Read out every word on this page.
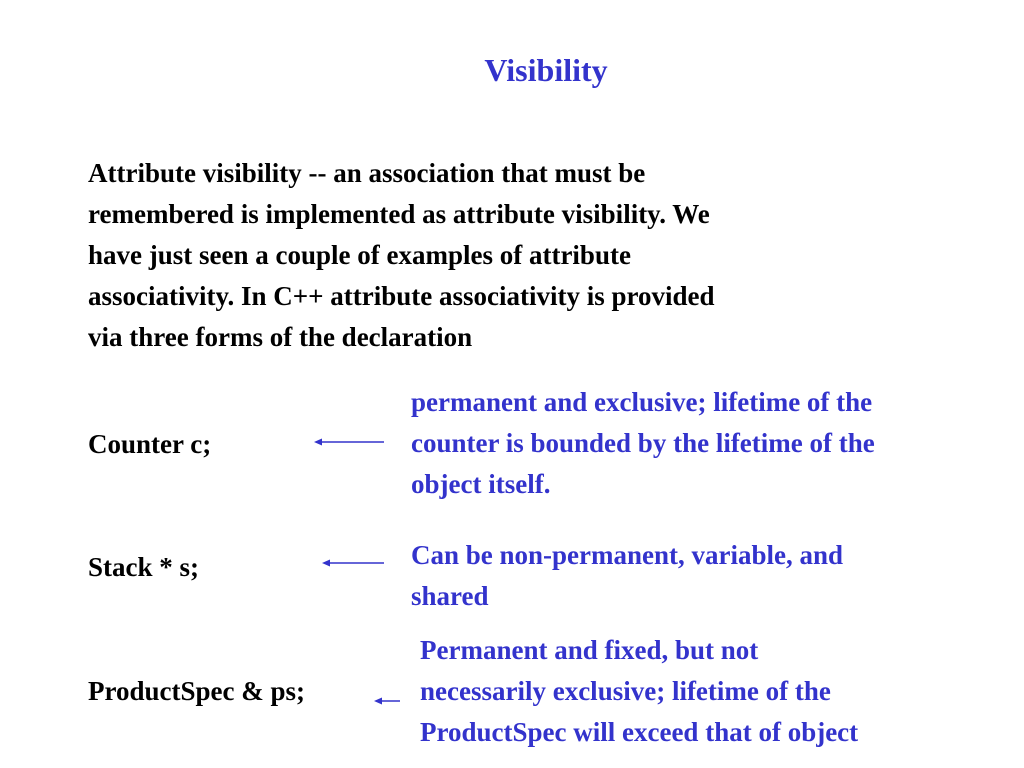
Visibility

Attribute visibility -- an association that must be
remembered is implemented as attribute visibility. We
have just seen a couple of examples of attribute
associativity. In C++ attribute associativity is provided
via three forms of the declaration

Counter c;
permanent and exclusive; lifetime of the
counter is bounded by the lifetime of the
object itself.
Stack * s;	Can be non-permanent, variable, and
shared
ProductSpec & ps;
Permanent and fixed, but not
necessarily exclusive; lifetime of the
ProductSpec will exceed that of object
